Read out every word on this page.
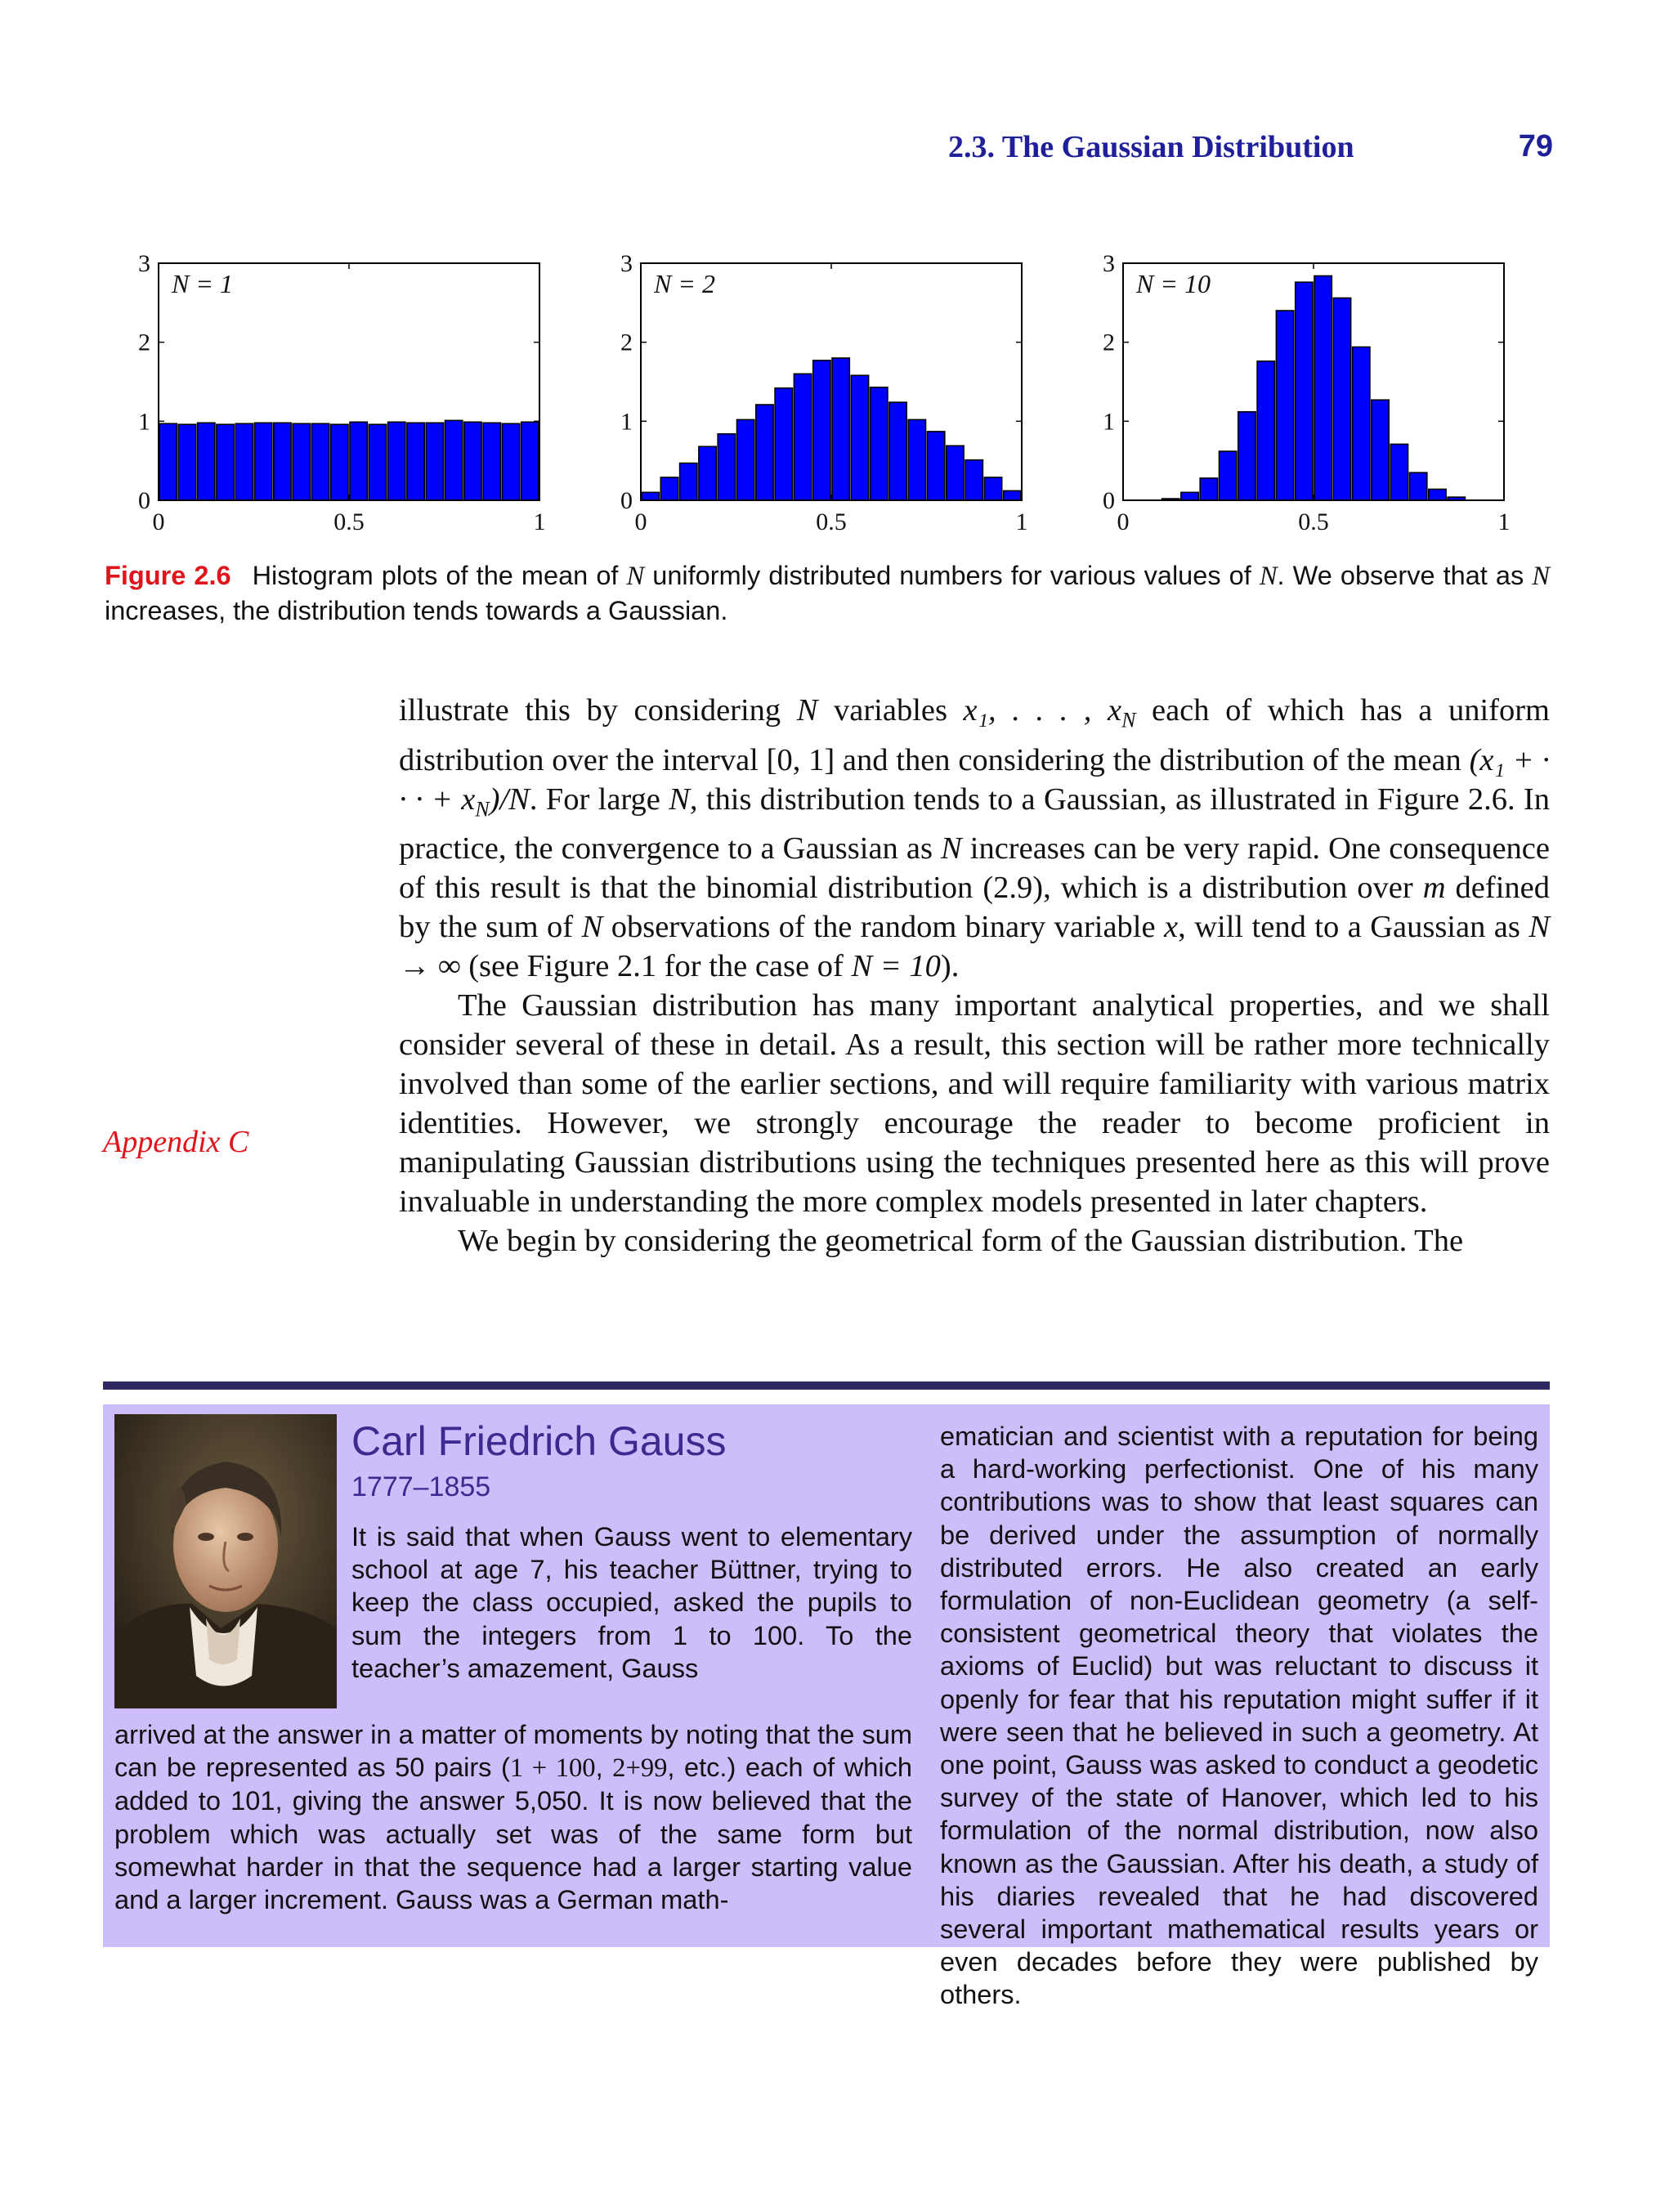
2.3. The Gaussian Distribution	79
0
1
2
3
0	0.5	1
N = 1
0
1
2
3
0	0.5	1
N = 2
0
1
2
3
0	0.5	1
N = 10
Figure 2.6 Histogram plots of the mean of N uniformly distributed numbers for various values of N. We observe that as N increases, the distribution tends towards a Gaussian.

illustrate this by considering N variables x₁, . . . , $x_N$ each of which has a uniform distribution over the interval [0, 1] and then considering the distribution of the mean (x₁ + · · · + $x_N)/N$. For large N, this distribution tends to a Gaussian, as illustrated in Figure 2.6. In practice, the convergence to a Gaussian as N increases can be very rapid. One consequence of this result is that the binomial distribution (2.9), which is a distribution over m defined by the sum of N observations of the random binary variable x, will tend to a Gaussian as N → ∞ (see Figure 2.1 for the case of N = 10).

The Gaussian distribution has many important analytical properties, and we shall consider several of these in detail. As a result, this section will be rather more technically involved than some of the earlier sections, and will require familiarity with various matrix identities. However, we strongly encourage the reader to become proficient in manipulating Gaussian distributions using the techniques presented here as this will prove invaluable in understanding the more complex models presented in later chapters.

We begin by considering the geometrical form of the Gaussian distribution. The

Appendix C
Carl Friedrich Gauss
1777–1855
It is said that when Gauss went to elementary school at age 7, his teacher Büttner, trying to keep the class occupied, asked the pupils to sum the integers from 1 to 100. To the teacher’s amazement, Gauss
arrived at the answer in a matter of moments by noting that the sum can be represented as 50 pairs (1 + 100, 2+99, etc.) each of which added to 101, giving the answer 5,050. It is now believed that the problem which was actually set was of the same form but somewhat harder in that the sequence had a larger starting value and a larger increment. Gauss was a German math-
ematician and scientist with a reputation for being a hard-working perfectionist. One of his many contributions was to show that least squares can be derived under the assumption of normally distributed errors. He also created an early formulation of non-Euclidean geometry (a self-consistent geometrical theory that violates the axioms of Euclid) but was reluctant to discuss it openly for fear that his reputation might suffer if it were seen that he believed in such a geometry. At one point, Gauss was asked to conduct a geodetic survey of the state of Hanover, which led to his formulation of the normal distribution, now also known as the Gaussian. After his death, a study of his diaries revealed that he had discovered several important mathematical results years or even decades before they were published by others.
